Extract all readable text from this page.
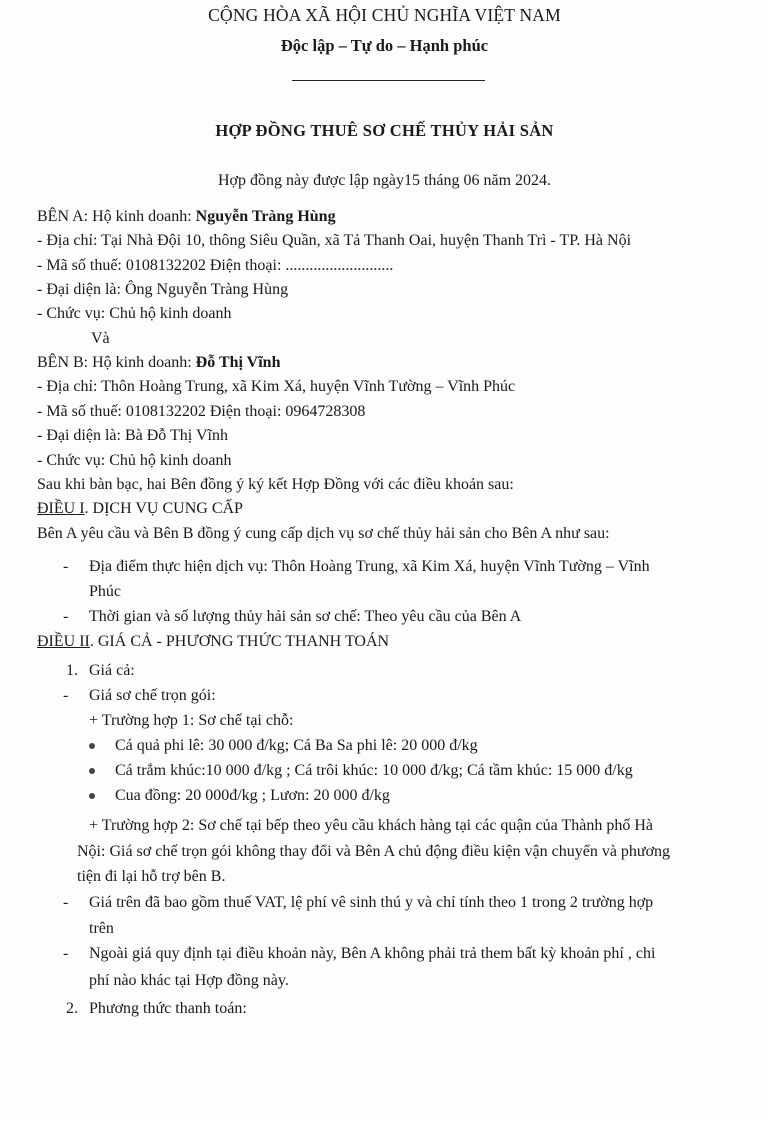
CỘNG HÒA XÃ HỘI CHỦ NGHĨA VIỆT NAM
Độc lập – Tự do – Hạnh phúc
HỢP ĐỒNG THUÊ SƠ CHẾ THỦY HẢI SẢN
Hợp đồng này được lập ngày15 tháng 06 năm 2024.
BÊN A: Hộ kinh doanh: Nguyễn Tràng Hùng
- Địa chỉ: Tại Nhà Đội 10, thông Siêu Quần, xã Tả Thanh Oai, huyện Thanh Trì - TP. Hà Nội
- Mã số thuế: 0108132202 Điện thoại: ...........................
- Đại diện là: Ông Nguyễn Tràng Hùng
- Chức vụ: Chủ hộ kinh doanh
Và
BÊN B: Hộ kinh doanh: Đỗ Thị Vĩnh
- Địa chỉ: Thôn Hoàng Trung, xã Kim Xá, huyện Vĩnh Tường – Vĩnh Phúc
- Mã số thuế: 0108132202 Điện thoại: 0964728308
- Đại diện là: Bà Đỗ Thị Vĩnh
- Chức vụ: Chủ hộ kinh doanh
Sau khi bàn bạc, hai Bên đồng ý ký kết Hợp Đồng với các điều khoản sau:
ĐIỀU I. DỊCH VỤ CUNG CẤP
Bên A yêu cầu và Bên B đồng ý cung cấp dịch vụ sơ chế thủy hải sản cho Bên A như sau:
- Địa điểm thực hiện dịch vụ: Thôn Hoàng Trung, xã Kim Xá, huyện Vĩnh Tường – Vĩnh
Phúc
- Thời gian và số lượng thủy hải sản sơ chế: Theo yêu cầu của Bên A
ĐIỀU II. GIÁ CẢ - PHƯƠNG THỨC THANH TOÁN
1. Giá cả:
- Giá sơ chế trọn gói:
+ Trường hợp 1: Sơ chế tại chỗ:
Cá quả phi lê: 30 000 đ/kg; Cá Ba Sa phi lê: 20 000 đ/kg
Cá trắm khúc:10 000 đ/kg ; Cá trôi khúc: 10 000 đ/kg; Cá tầm khúc: 15 000 đ/kg
Cua đồng: 20 000đ/kg ; Lươn: 20 000 đ/kg
+ Trường hợp 2: Sơ chế tại bếp theo yêu cầu khách hàng tại các quận của Thành phố Hà
Nội: Giá sơ chế trọn gói không thay đổi và Bên A chủ động điều kiện vận chuyển và phương
tiện đi lại hỗ trợ bên B.
- Giá trên đã bao gồm thuế VAT, lệ phí vê sinh thú y và chỉ tính theo 1 trong 2 trường hợp
trên
- Ngoài giá quy định tại điều khoản này, Bên A không phải trả them bất kỳ khoản phí , chi
phí nào khác tại Hợp đồng này.
2. Phương thức thanh toán:
